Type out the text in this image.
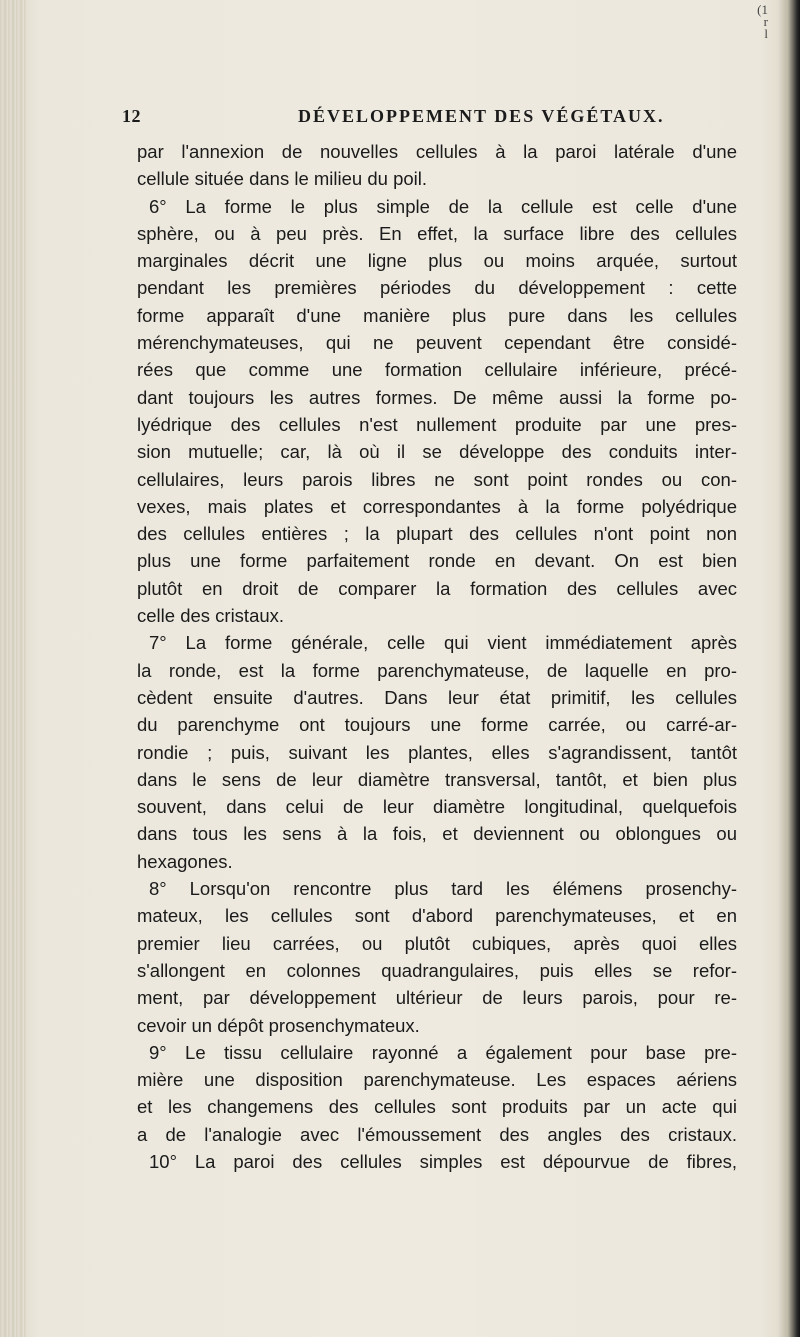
(1
r
l
12	DÉVELOPPEMENT DES VÉGÉTAUX.
par l'annexion de nouvelles cellules à la paroi latérale d'une
cellule située dans le milieu du poil.
6° La forme le plus simple de la cellule est celle d'une
sphère, ou à peu près. En effet, la surface libre des cellules
marginales décrit une ligne plus ou moins arquée, surtout
pendant les premières périodes du développement : cette
forme apparaît d'une manière plus pure dans les cellules
mérenchymateuses, qui ne peuvent cependant être considé-
rées que comme une formation cellulaire inférieure, précé-
dant toujours les autres formes. De même aussi la forme po-
lyédrique des cellules n'est nullement produite par une pres-
sion mutuelle; car, là où il se développe des conduits inter-
cellulaires, leurs parois libres ne sont point rondes ou con-
vexes, mais plates et correspondantes à la forme polyédrique
des cellules entières ; la plupart des cellules n'ont point non
plus une forme parfaitement ronde en devant. On est bien
plutôt en droit de comparer la formation des cellules avec
celle des cristaux.
7° La forme générale, celle qui vient immédiatement après
la ronde, est la forme parenchymateuse, de laquelle en pro-
cèdent ensuite d'autres. Dans leur état primitif, les cellules
du parenchyme ont toujours une forme carrée, ou carré-ar-
rondie ; puis, suivant les plantes, elles s'agrandissent, tantôt
dans le sens de leur diamètre transversal, tantôt, et bien plus
souvent, dans celui de leur diamètre longitudinal, quelquefois
dans tous les sens à la fois, et deviennent ou oblongues ou
hexagones.
8° Lorsqu'on rencontre plus tard les élémens prosenchy-
mateux, les cellules sont d'abord parenchymateuses, et en
premier lieu carrées, ou plutôt cubiques, après quoi elles
s'allongent en colonnes quadrangulaires, puis elles se refor-
ment, par développement ultérieur de leurs parois, pour re-
cevoir un dépôt prosenchymateux.
9° Le tissu cellulaire rayonné a également pour base pre-
mière une disposition parenchymateuse. Les espaces aériens
et les changemens des cellules sont produits par un acte qui
a de l'analogie avec l'émoussement des angles des cristaux.
10° La paroi des cellules simples est dépourvue de fibres,
